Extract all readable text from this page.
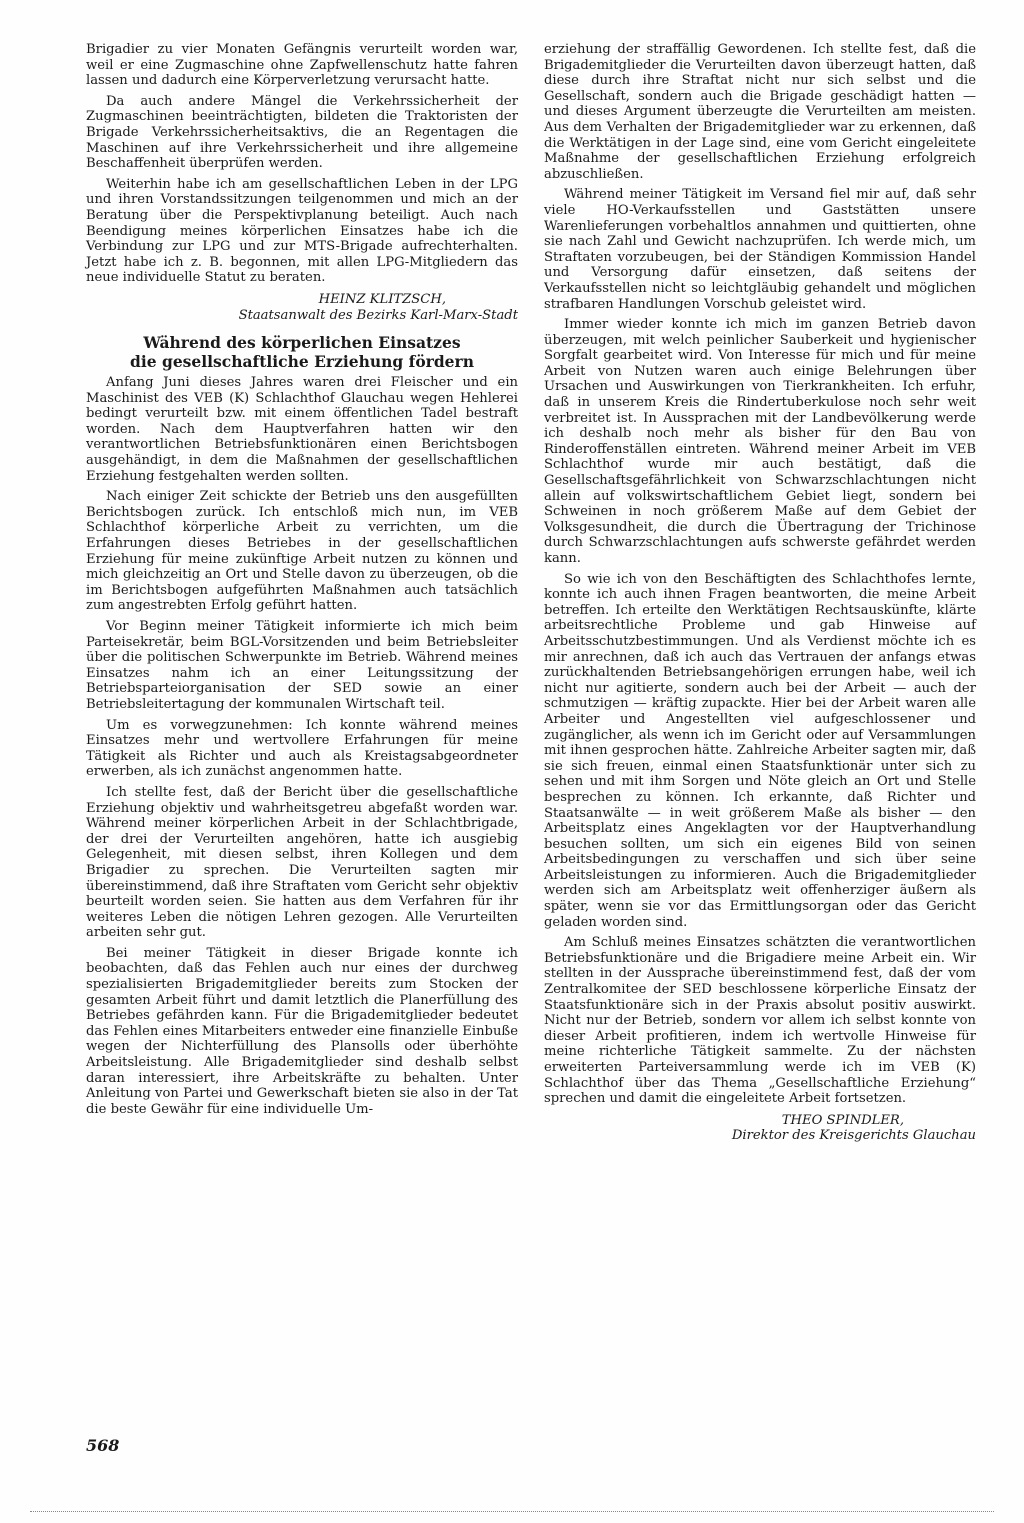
Brigadier zu vier Monaten Gefängnis verurteilt worden war, weil er eine Zugmaschine ohne Zapfwellenschutz hatte fahren lassen und dadurch eine Körperverletzung verursacht hatte.

Da auch andere Mängel die Verkehrssicherheit der Zugmaschinen beeinträchtigten, bildeten die Traktoristen der Brigade Verkehrssicherheitsaktivs, die an Regentagen die Maschinen auf ihre Verkehrssicherheit und ihre allgemeine Beschaffenheit überprüfen werden.

Weiterhin habe ich am gesellschaftlichen Leben in der LPG und ihren Vorstandssitzungen teilgenommen und mich an der Beratung über die Perspektivplanung beteiligt. Auch nach Beendigung meines körperlichen Einsatzes habe ich die Verbindung zur LPG und zur MTS-Brigade aufrechterhalten. Jetzt habe ich z. B. begonnen, mit allen LPG-Mitgliedern das neue individuelle Statut zu beraten.

HEINZ KLITZSCH,
Staatsanwalt des Bezirks Karl-Marx-Stadt
Während des körperlichen Einsatzes
die gesellschaftliche Erziehung fördern

Anfang Juni dieses Jahres waren drei Fleischer und ein Maschinist des VEB (K) Schlachthof Glauchau wegen Hehlerei bedingt verurteilt bzw. mit einem öffentlichen Tadel bestraft worden. Nach dem Hauptverfahren hatten wir den verantwortlichen Betriebsfunktionären einen Berichtsbogen ausgehändigt, in dem die Maßnahmen der gesellschaftlichen Erziehung festgehalten werden sollten.

Nach einiger Zeit schickte der Betrieb uns den ausgefüllten Berichtsbogen zurück. Ich entschloß mich nun, im VEB Schlachthof körperliche Arbeit zu verrichten, um die Erfahrungen dieses Betriebes in der gesellschaftlichen Erziehung für meine zukünftige Arbeit nutzen zu können und mich gleichzeitig an Ort und Stelle davon zu überzeugen, ob die im Berichtsbogen aufgeführten Maßnahmen auch tatsächlich zum angestrebten Erfolg geführt hatten.

Vor Beginn meiner Tätigkeit informierte ich mich beim Parteisekretär, beim BGL-Vorsitzenden und beim Betriebsleiter über die politischen Schwerpunkte im Betrieb. Während meines Einsatzes nahm ich an einer Leitungssitzung der Betriebsparteiorganisation der SED sowie an einer Betriebsleitertagung der kommunalen Wirtschaft teil.

Um es vorwegzunehmen: Ich konnte während meines Einsatzes mehr und wertvollere Erfahrungen für meine Tätigkeit als Richter und auch als Kreistagsabgeordneter erwerben, als ich zunächst angenommen hatte.

Ich stellte fest, daß der Bericht über die gesellschaftliche Erziehung objektiv und wahrheitsgetreu abgefaßt worden war. Während meiner körperlichen Arbeit in der Schlachtbrigade, der drei der Verurteilten angehören, hatte ich ausgiebig Gelegenheit, mit diesen selbst, ihren Kollegen und dem Brigadier zu sprechen. Die Verurteilten sagten mir übereinstimmend, daß ihre Straftaten vom Gericht sehr objektiv beurteilt worden seien. Sie hatten aus dem Verfahren für ihr weiteres Leben die nötigen Lehren gezogen. Alle Verurteilten arbeiten sehr gut.

Bei meiner Tätigkeit in dieser Brigade konnte ich beobachten, daß das Fehlen auch nur eines der durchweg spezialisierten Brigademitglieder bereits zum Stocken der gesamten Arbeit führt und damit letztlich die Planerfüllung des Betriebes gefährden kann. Für die Brigademitglieder bedeutet das Fehlen eines Mitarbeiters entweder eine finanzielle Einbuße wegen der Nichterfüllung des Plansolls oder überhöhte Arbeitsleistung. Alle Brigademitglieder sind deshalb selbst daran interessiert, ihre Arbeitskräfte zu behalten. Unter Anleitung von Partei und Gewerkschaft bieten sie also in der Tat die beste Gewähr für eine individuelle Um-

erziehung der straffällig Gewordenen. Ich stellte fest, daß die Brigademitglieder die Verurteilten davon überzeugt hatten, daß diese durch ihre Straftat nicht nur sich selbst und die Gesellschaft, sondern auch die Brigade geschädigt hatten — und dieses Argument überzeugte die Verurteilten am meisten. Aus dem Verhalten der Brigademitglieder war zu erkennen, daß die Werktätigen in der Lage sind, eine vom Gericht eingeleitete Maßnahme der gesellschaftlichen Erziehung erfolgreich abzuschließen.

Während meiner Tätigkeit im Versand fiel mir auf, daß sehr viele HO-Verkaufsstellen und Gaststätten unsere Warenlieferungen vorbehaltlos annahmen und quittierten, ohne sie nach Zahl und Gewicht nachzuprüfen. Ich werde mich, um Straftaten vorzubeugen, bei der Ständigen Kommission Handel und Versorgung dafür einsetzen, daß seitens der Verkaufsstellen nicht so leichtgläubig gehandelt und möglichen strafbaren Handlungen Vorschub geleistet wird.

Immer wieder konnte ich mich im ganzen Betrieb davon überzeugen, mit welch peinlicher Sauberkeit und hygienischer Sorgfalt gearbeitet wird. Von Interesse für mich und für meine Arbeit von Nutzen waren auch einige Belehrungen über Ursachen und Auswirkungen von Tierkrankheiten. Ich erfuhr, daß in unserem Kreis die Rindertuberkulose noch sehr weit verbreitet ist. In Aussprachen mit der Landbevölkerung werde ich deshalb noch mehr als bisher für den Bau von Rinderoffenställen eintreten. Während meiner Arbeit im VEB Schlachthof wurde mir auch bestätigt, daß die Gesellschaftsgefährlichkeit von Schwarzschlachtungen nicht allein auf volkswirtschaftlichem Gebiet liegt, sondern bei Schweinen in noch größerem Maße auf dem Gebiet der Volksgesundheit, die durch die Übertragung der Trichinose durch Schwarzschlachtungen aufs schwerste gefährdet werden kann.

So wie ich von den Beschäftigten des Schlachthofes lernte, konnte ich auch ihnen Fragen beantworten, die meine Arbeit betreffen. Ich erteilte den Werktätigen Rechtsauskünfte, klärte arbeitsrechtliche Probleme und gab Hinweise auf Arbeitsschutzbestimmungen. Und als Verdienst möchte ich es mir anrechnen, daß ich auch das Vertrauen der anfangs etwas zurückhaltenden Betriebsangehörigen errungen habe, weil ich nicht nur agitierte, sondern auch bei der Arbeit — auch der schmutzigen — kräftig zupackte. Hier bei der Arbeit waren alle Arbeiter und Angestellten viel aufgeschlossener und zugänglicher, als wenn ich im Gericht oder auf Versammlungen mit ihnen gesprochen hätte. Zahlreiche Arbeiter sagten mir, daß sie sich freuen, einmal einen Staatsfunktionär unter sich zu sehen und mit ihm Sorgen und Nöte gleich an Ort und Stelle besprechen zu können. Ich erkannte, daß Richter und Staatsanwälte — in weit größerem Maße als bisher — den Arbeitsplatz eines Angeklagten vor der Hauptverhandlung besuchen sollten, um sich ein eigenes Bild von seinen Arbeitsbedingungen zu verschaffen und sich über seine Arbeitsleistungen zu informieren. Auch die Brigademitglieder werden sich am Arbeitsplatz weit offenherziger äußern als später, wenn sie vor das Ermittlungsorgan oder das Gericht geladen worden sind.

Am Schluß meines Einsatzes schätzten die verantwortlichen Betriebsfunktionäre und die Brigadiere meine Arbeit ein. Wir stellten in der Aussprache übereinstimmend fest, daß der vom Zentralkomitee der SED beschlossene körperliche Einsatz der Staatsfunktionäre sich in der Praxis absolut positiv auswirkt. Nicht nur der Betrieb, sondern vor allem ich selbst konnte von dieser Arbeit profitieren, indem ich wertvolle Hinweise für meine richterliche Tätigkeit sammelte. Zu der nächsten erweiterten Parteiversammlung werde ich im VEB (K) Schlachthof über das Thema „Gesellschaftliche Erziehung“ sprechen und damit die eingeleitete Arbeit fortsetzen.

THEO SPINDLER,
Direktor des Kreisgerichts Glauchau
568
